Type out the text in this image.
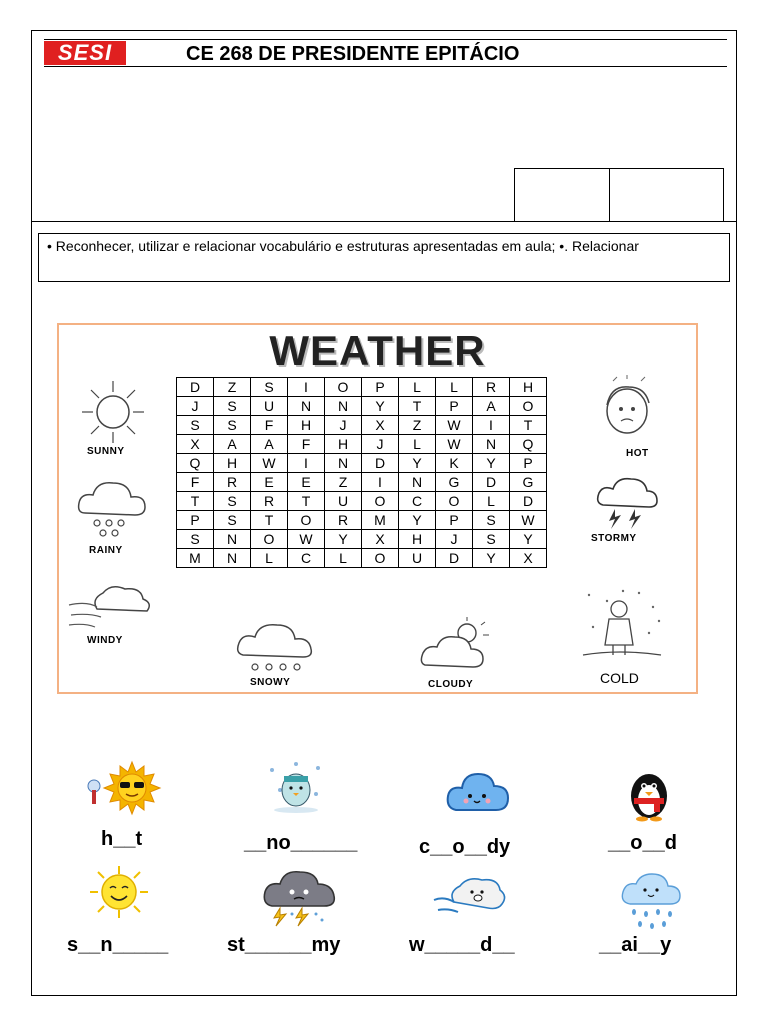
SESI	CE 268 DE PRESIDENTE EPITÁCIO
• Reconhecer, utilizar e relacionar vocabulário e estruturas apresentadas em aula; •. Relacionar
WEATHER
D	Z	S	I	O	P	L	L	R	H
J	S	U	N	N	Y	T	P	A	O
S	S	F	H	J	X	Z	W	I	T
X	A	A	F	H	J	L	W	N	Q
Q	H	W	I	N	D	Y	K	Y	P
F	R	E	E	Z	I	N	G	D	G
T	S	R	T	U	O	C	O	L	D
P	S	T	O	R	M	Y	P	S	W
S	N	O	W	Y	X	H	J	S	Y
M	N	L	C	L	O	U	D	Y	X
SUNNY
RAINY
WINDY
SNOWY	CLOUDY
HOT
STORMY
COLD
h__t	__no______	c__o__dy	__o__d
s__n_____	st______my	w_____d__	__ai__y
